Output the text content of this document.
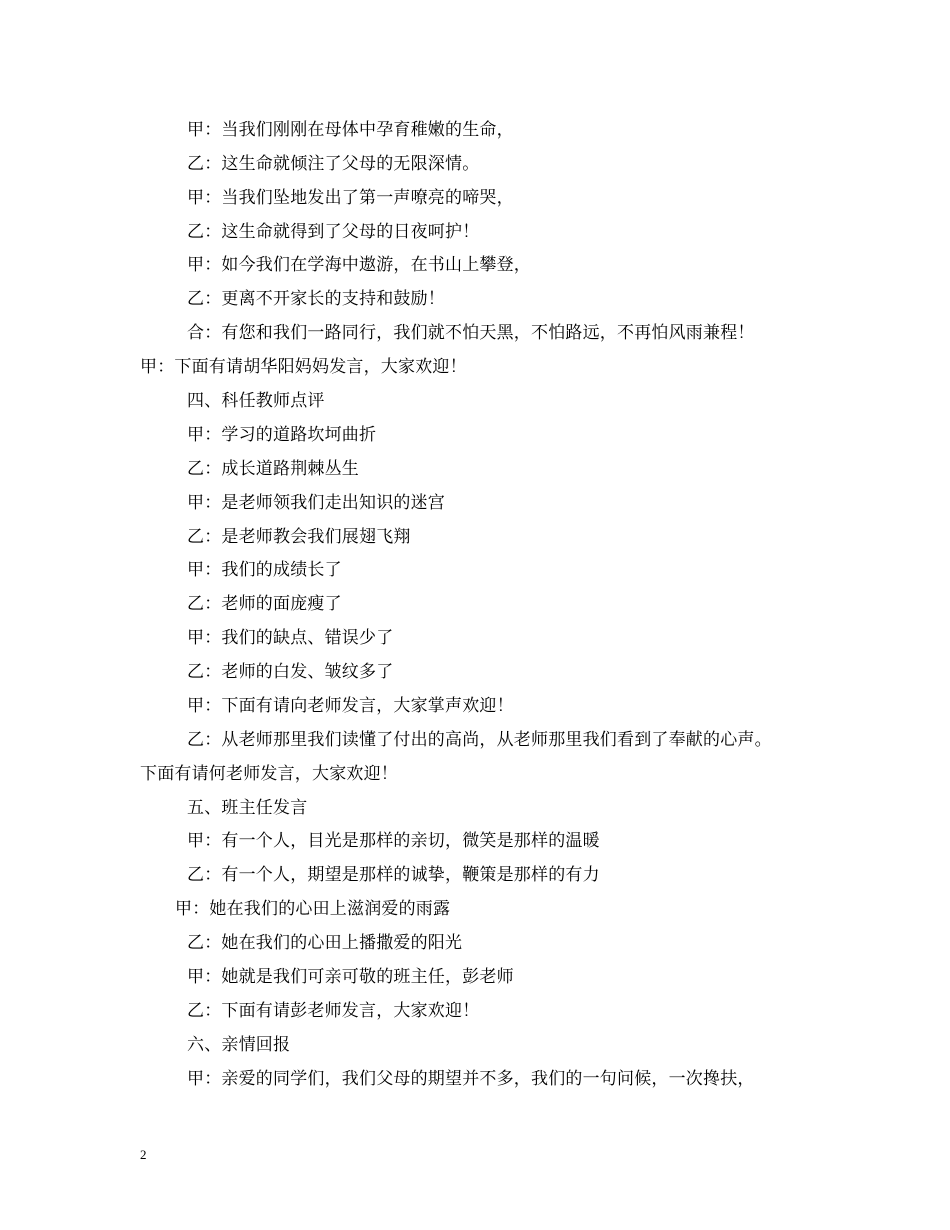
甲：当我们刚刚在母体中孕育稚嫩的生命，
乙：这生命就倾注了父母的无限深情。
甲：当我们坠地发出了第一声嘹亮的啼哭，
乙：这生命就得到了父母的日夜呵护！
甲：如今我们在学海中遨游，在书山上攀登，
乙：更离不开家长的支持和鼓励！
合：有您和我们一路同行，我们就不怕天黑，不怕路远，不再怕风雨兼程！
甲：下面有请胡华阳妈妈发言，大家欢迎！
四、科任教师点评
甲：学习的道路坎坷曲折
乙：成长道路荆棘丛生
甲：是老师领我们走出知识的迷宫
乙：是老师教会我们展翅飞翔
甲：我们的成绩长了
乙：老师的面庞瘦了
甲：我们的缺点、错误少了
乙：老师的白发、皱纹多了
甲：下面有请向老师发言，大家掌声欢迎！
乙：从老师那里我们读懂了付出的高尚，从老师那里我们看到了奉献的心声。
下面有请何老师发言，大家欢迎！
五、班主任发言
甲：有一个人，目光是那样的亲切，微笑是那样的温暖
乙：有一个人，期望是那样的诚挚，鞭策是那样的有力
甲：她在我们的心田上滋润爱的雨露
乙：她在我们的心田上播撒爱的阳光
甲：她就是我们可亲可敬的班主任，彭老师
乙：下面有请彭老师发言，大家欢迎！
六、亲情回报
甲：亲爱的同学们，我们父母的期望并不多，我们的一句问候，一次搀扶，
2
